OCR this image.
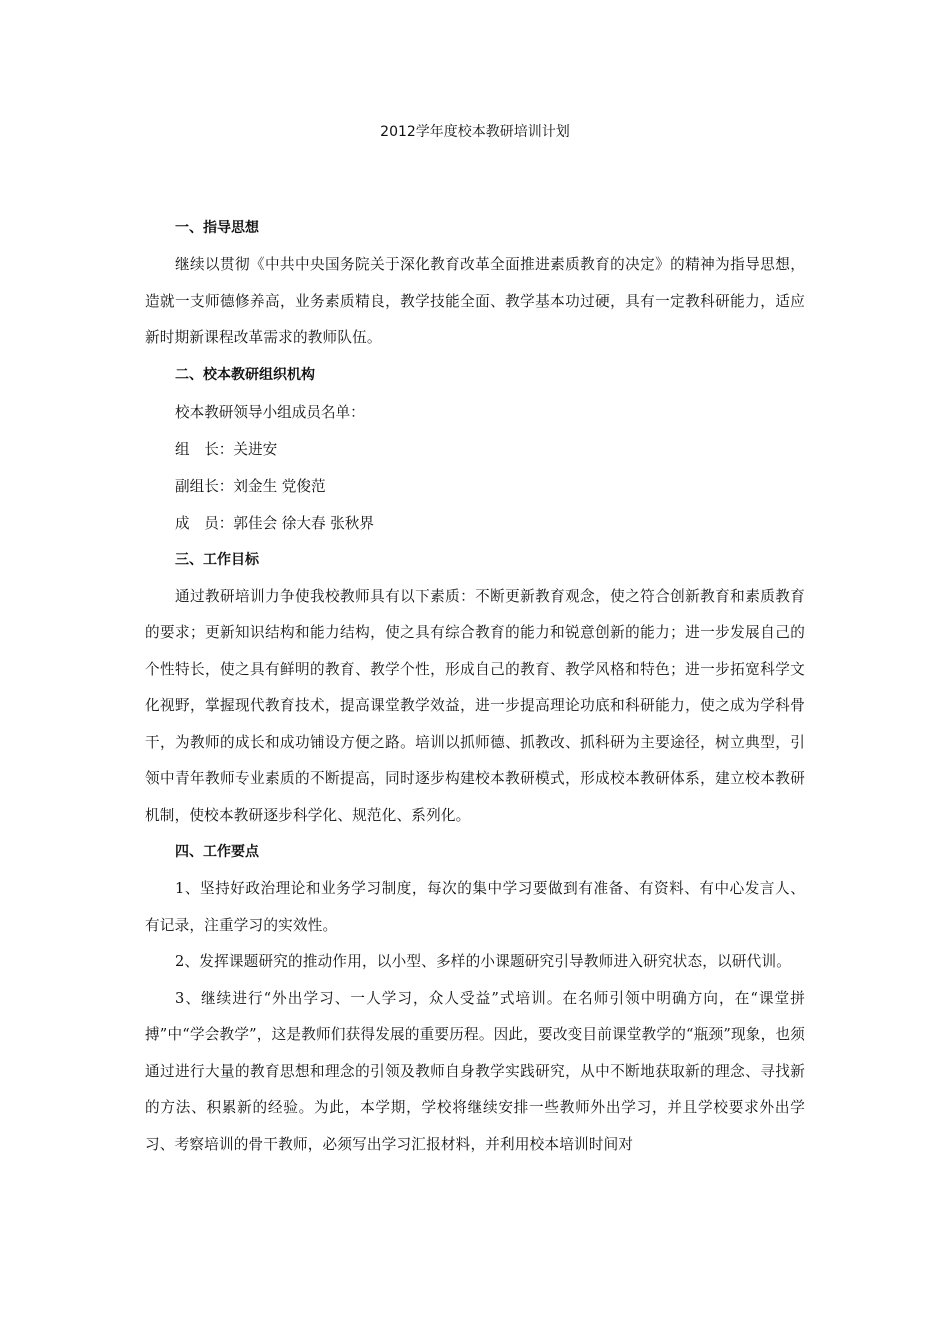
2012学年度校本教研培训计划
一、指导思想

继续以贯彻《中共中央国务院关于深化教育改革全面推进素质教育的决定》的精神为指导思想，造就一支师德修养高，业务素质精良，教学技能全面、教学基本功过硬，具有一定教科研能力，适应新时期新课程改革需求的教师队伍。

二、校本教研组织机构

校本教研领导小组成员名单：

组　长：关进安

副组长：刘金生 党俊范

成　员：郭佳会 徐大春 张秋界

三、工作目标

通过教研培训力争使我校教师具有以下素质：不断更新教育观念，使之符合创新教育和素质教育的要求；更新知识结构和能力结构，使之具有综合教育的能力和锐意创新的能力；进一步发展自己的个性特长，使之具有鲜明的教育、教学个性，形成自己的教育、教学风格和特色；进一步拓宽科学文化视野，掌握现代教育技术，提高课堂教学效益，进一步提高理论功底和科研能力，使之成为学科骨干，为教师的成长和成功铺设方便之路。培训以抓师德、抓教改、抓科研为主要途径，树立典型，引领中青年教师专业素质的不断提高，同时逐步构建校本教研模式，形成校本教研体系，建立校本教研机制，使校本教研逐步科学化、规范化、系列化。

四、工作要点

1、坚持好政治理论和业务学习制度，每次的集中学习要做到有准备、有资料、有中心发言人、有记录，注重学习的实效性。

2、发挥课题研究的推动作用，以小型、多样的小课题研究引导教师进入研究状态，以研代训。

3、继续进行“外出学习、一人学习，众人受益”式培训。在名师引领中明确方向，在“课堂拼搏”中“学会教学”，这是教师们获得发展的重要历程。因此，要改变目前课堂教学的“瓶颈”现象，也须通过进行大量的教育思想和理念的引领及教师自身教学实践研究，从中不断地获取新的理念、寻找新的方法、积累新的经验。为此，本学期，学校将继续安排一些教师外出学习，并且学校要求外出学习、考察培训的骨干教师，必须写出学习汇报材料，并利用校本培训时间对
